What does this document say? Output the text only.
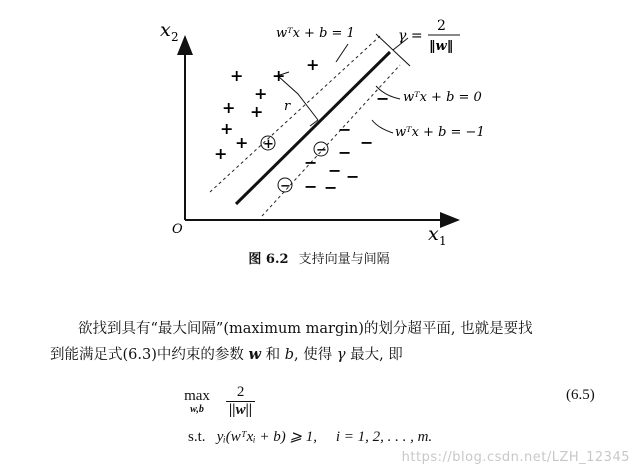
x 2
x 1
O
γ =
2
‖w‖
r
wᵀx + b = 1
wᵀx + b = 0
wᵀx + b = −1
+ +
+
+
+ +
+
+
+
−
−
−
−
− − −
− −
+	−
−
图 6.2 支持向量与间隔
欲找到具有“最大间隔”(maximum margin)的划分超平面, 也就是要找
到能满足式(6.3)中约束的参数 w 和 b, 使得 γ 最大, 即
max
w,b	$\frac{2}{||w||}$	(6.5)
s.t. yᵢ(wᵀxᵢ + b) ⩾ 1, i = 1, 2, . . . , m.
https://blog.csdn.net/LZH_12345
